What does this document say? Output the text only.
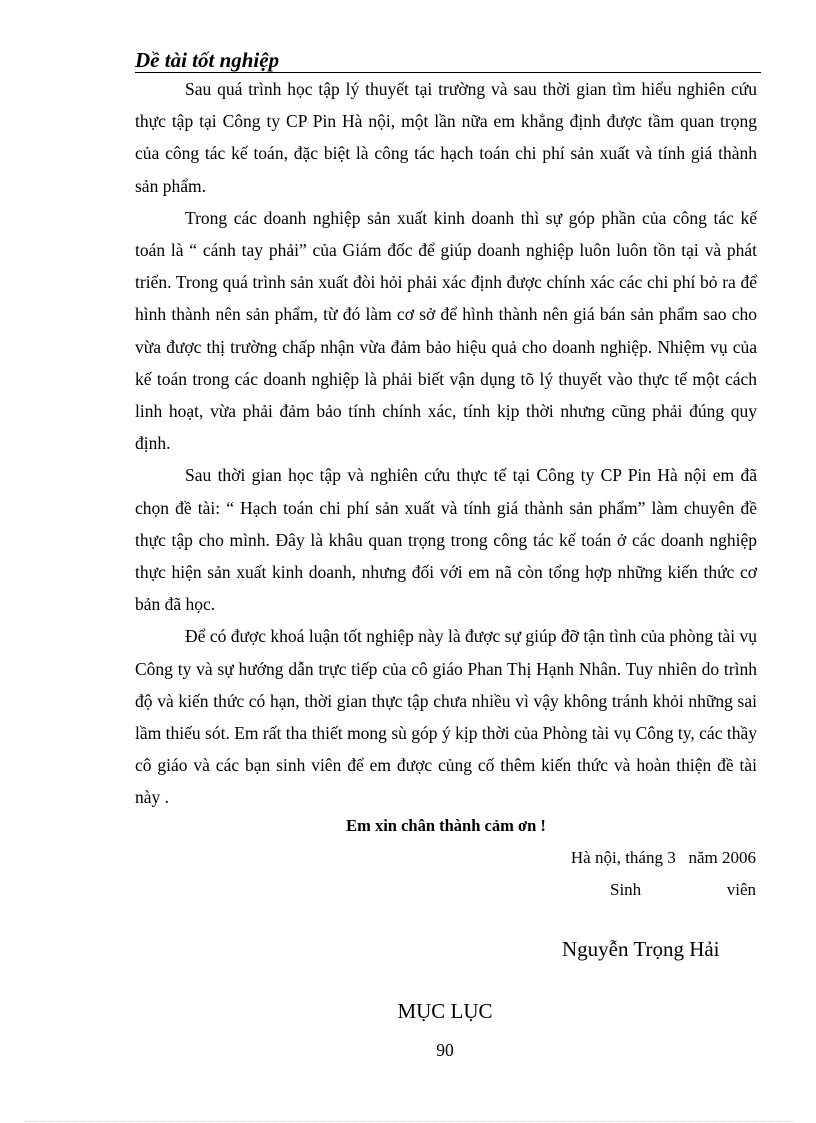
Dề tài tốt nghiệp

Sau quá trình học tập lý thuyết tại trường và sau thời gian tìm hiểu nghiên cứu thực tập tại Công ty CP Pin Hà nội, một lần nữa em khẳng định được tầm quan trọng của công tác kế toán, đặc biệt là công tác hạch toán chi phí sản xuất và tính giá thành sản phẩm.

Trong các doanh nghiệp sản xuất kinh doanh thì sự góp phần của công tác kế toán là “ cánh tay phải” của Giám đốc để giúp doanh nghiệp luôn luôn tồn tại và phát triển. Trong quá trình sản xuất đòi hỏi phải xác định được chính xác các chi phí bỏ ra để hình thành nên sản phẩm, từ đó làm cơ sở để hình thành nên giá bán sản phẩm sao cho vừa được thị trường chấp nhận vừa đảm bảo hiệu quả cho doanh nghiệp. Nhiệm vụ của kế toán trong các doanh nghiệp là phải biết vận dụng tõ lý thuyết vào thực tế một cách linh hoạt, vừa phải đảm bảo tính chính xác, tính kịp thời nhưng cũng phải đúng quy định.

Sau thời gian học tập và nghiên cứu thực tế tại Công ty CP Pin Hà nội em đã chọn đề tài: “ Hạch toán chi phí sản xuất và tính giá thành sản phẩm” làm chuyên đề thực tập cho mình. Đây là khâu quan trọng trong công tác kế toán ở các doanh nghiệp thực hiện sản xuất kinh doanh, nhưng đối với em nã còn tổng hợp những kiến thức cơ bản đã học.

Để có được khoá luận tốt nghiệp này là được sự giúp đỡ tận tình của phòng tài vụ Công ty và sự hướng dẫn trực tiếp của cô giáo Phan Thị Hạnh Nhân. Tuy nhiên do trình độ và kiến thức có hạn, thời gian thực tập chưa nhiều vì vậy không tránh khỏi những sai lầm thiếu sót. Em rất tha thiết mong sù góp ý kịp thời của Phòng tài vụ Công ty, các thầy cô giáo và các bạn sinh viên để em được củng cố thêm kiến thức và hoàn thiện đề tài này .

Em xin chân thành cảm ơn !
Hà nội, tháng 3   năm 2006
Sinh	viên
Nguyễn Trọng Hải
MỤC LỤC
90
